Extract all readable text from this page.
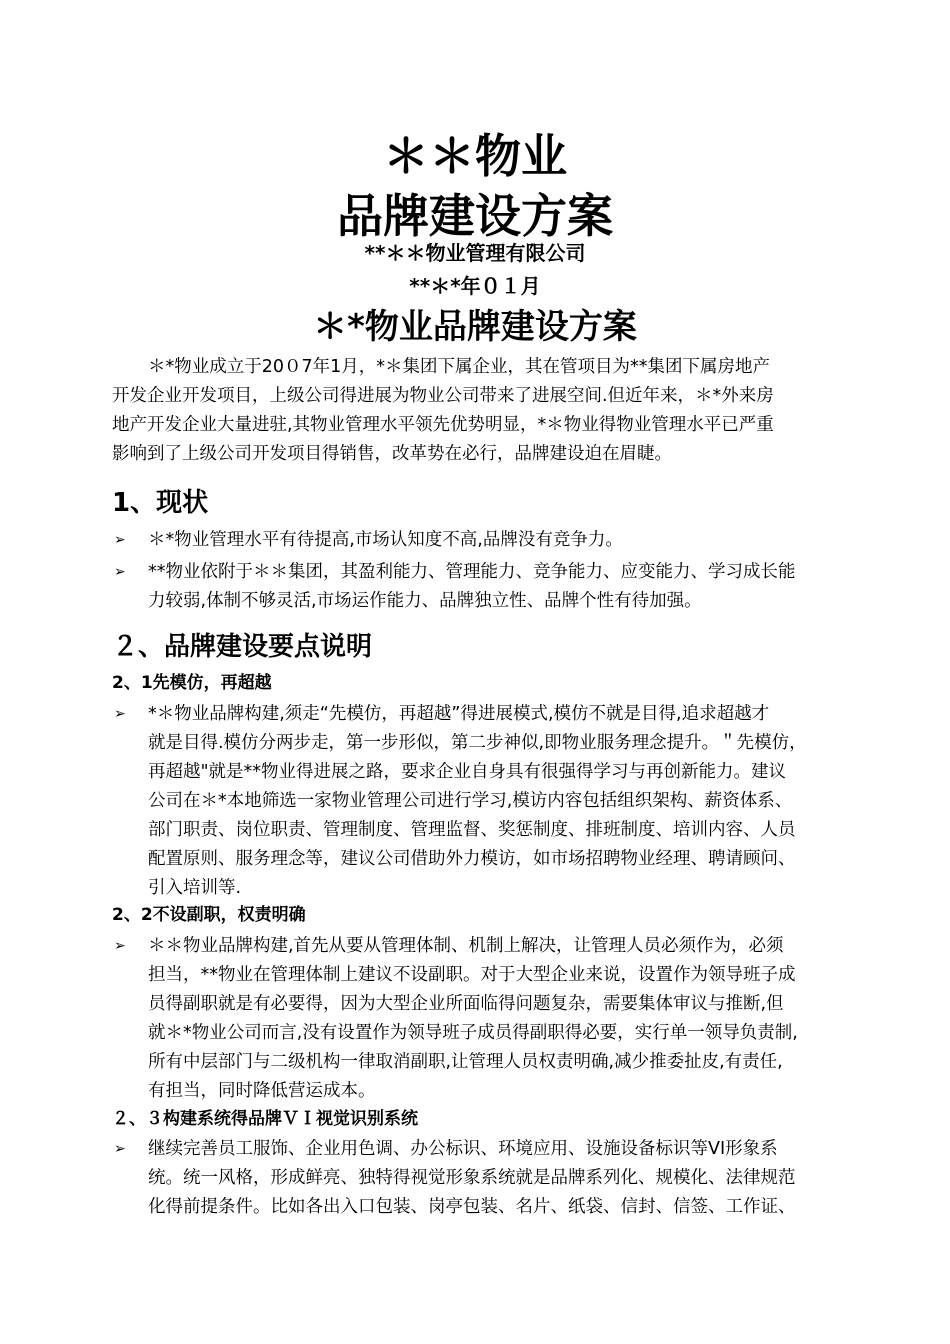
＊＊物业
品牌建设方案
**＊＊物业管理有限公司
**＊*年０１月
＊*物业品牌建设方案
＊*物业成立于20０7年1月，*＊集团下属企业，其在管项目为**集团下属房地产
开发企业开发项目，上级公司得进展为物业公司带来了进展空间.但近年来，＊*外来房
地产开发企业大量进驻,其物业管理水平领先优势明显，*＊物业得物业管理水平已严重
影响到了上级公司开发项目得销售，改革势在必行，品牌建设迫在眉睫。
1、现状
➢ ＊*物业管理水平有待提高,市场认知度不高,品牌没有竞争力。
➢ **物业依附于＊＊集团，其盈利能力、管理能力、竞争能力、应变能力、学习成长能
力较弱,体制不够灵活,市场运作能力、品牌独立性、品牌个性有待加强。
２、品牌建设要点说明
2、1先模仿，再超越
➢ *＊物业品牌构建,须走“先模仿，再超越”得进展模式,模仿不就是目得,追求超越才
就是目得.模仿分两步走，第一步形似，第二步神似,即物业服务理念提升。＂先模仿，
再超越"就是**物业得进展之路，要求企业自身具有很强得学习与再创新能力。建议
公司在＊*本地筛选一家物业管理公司进行学习,模访内容包括组织架构、薪资体系、
部门职责、岗位职责、管理制度、管理监督、奖惩制度、排班制度、培训内容、人员
配置原则、服务理念等，建议公司借助外力模访，如市场招聘物业经理、聘请顾问、
引入培训等.
2、2不设副职，权责明确
➢ ＊＊物业品牌构建,首先从要从管理体制、机制上解决，让管理人员必须作为，必须
担当，**物业在管理体制上建议不设副职。对于大型企业来说，设置作为领导班子成
员得副职就是有必要得，因为大型企业所面临得问题复杂，需要集体审议与推断,但
就＊*物业公司而言,没有设置作为领导班子成员得副职得必要，实行单一领导负责制,
所有中层部门与二级机构一律取消副职,让管理人员权责明确,减少推委扯皮,有责任,
有担当，同时降低营运成本。
２、３构建系统得品牌ＶＩ视觉识别系统
➢ 继续完善员工服饰、企业用色调、办公标识、环境应用、设施设备标识等VI形象系
统。统一风格，形成鲜亮、独特得视觉形象系统就是品牌系列化、规模化、法律规范
化得前提条件。比如各出入口包装、岗亭包装、名片、纸袋、信封、信签、工作证、
